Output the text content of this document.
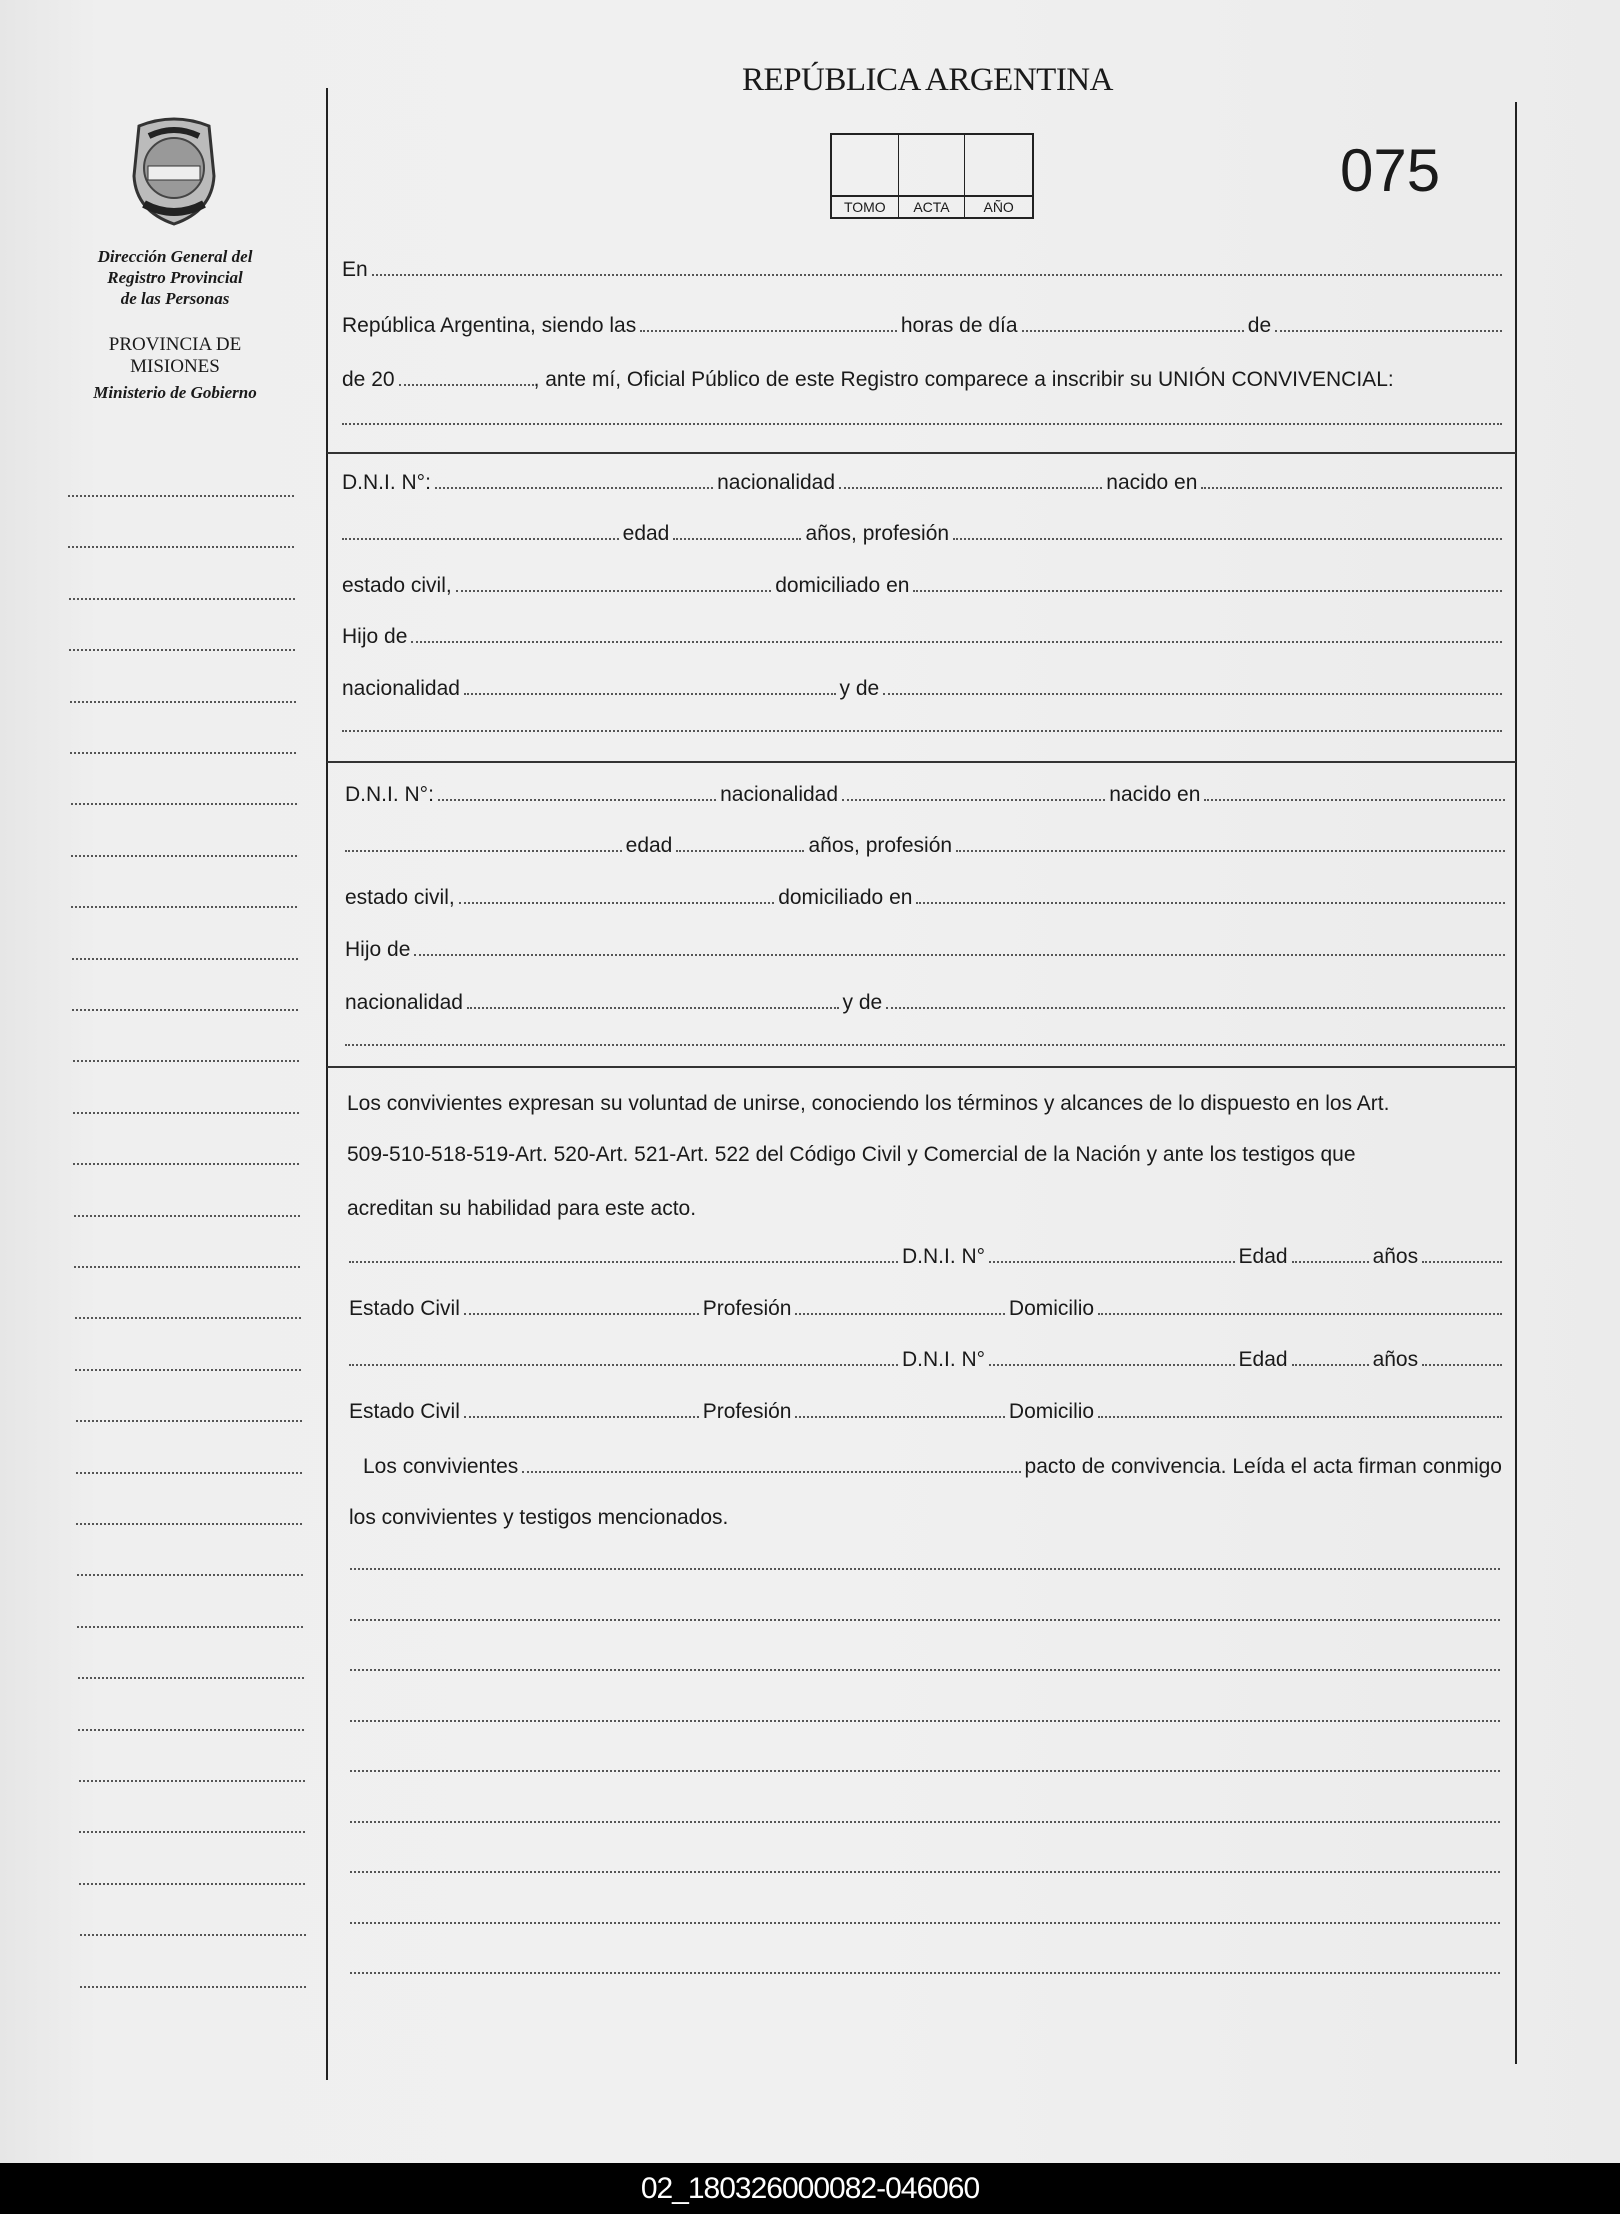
Dirección General del
Registro Provincial
de las Personas
PROVINCIA DE
MISIONES
Ministerio de Gobierno
REPÚBLICA ARGENTINA
TOMO	ACTA	AÑO
075
En
República Argentina, siendo las	horas de día	de
de 20	, ante mí, Oficial Público de este Registro comparece a inscribir su UNIÓN CONVIVENCIAL:
D.N.I. N°:	nacionalidad	nacido en
edad	años, profesión
estado civil,	domiciliado en
Hijo de
nacionalidad	y de
D.N.I. N°:	nacionalidad	nacido en
edad	años, profesión
estado civil,	domiciliado en
Hijo de
nacionalidad	y de
Los convivientes expresan su voluntad de unirse, conociendo los términos y alcances de lo dispuesto en los Art.
509-510-518-519-Art. 520-Art. 521-Art. 522 del Código Civil y Comercial de la Nación y ante los testigos que
acreditan su habilidad para este acto.
D.N.I. N°	Edad	años
Estado Civil	Profesión	Domicilio
D.N.I. N°	Edad	años
Estado Civil	Profesión	Domicilio
Los convivientes	pacto de convivencia. Leída el acta firman conmigo
los convivientes y testigos mencionados.
02_180326000082-046060
